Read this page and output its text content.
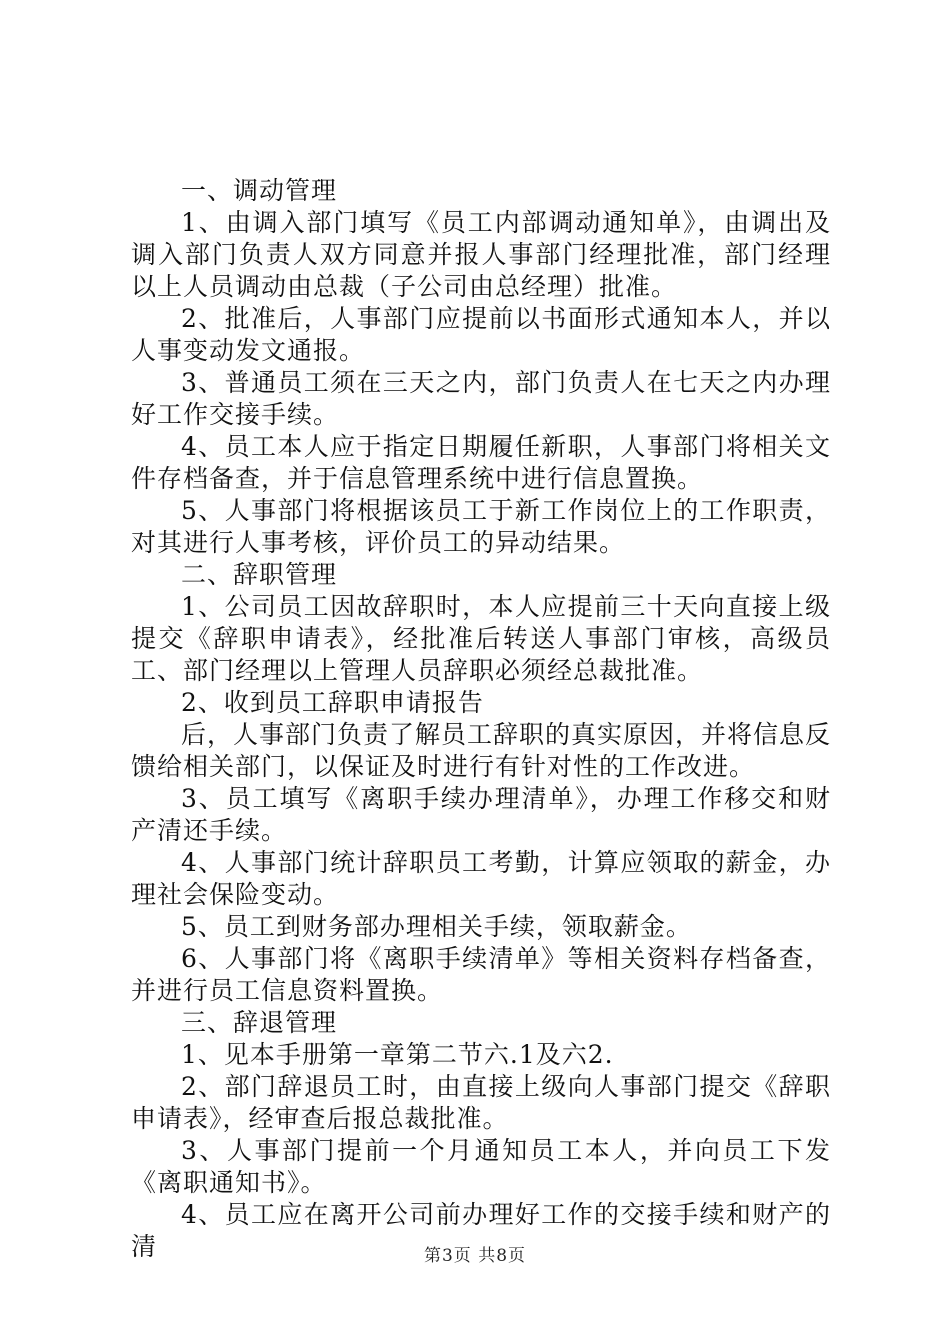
一、调动管理

1、由调入部门填写《员工内部调动通知单》，由调出及调入部门负责人双方同意并报人事部门经理批准，部门经理以上人员调动由总裁（子公司由总经理）批准。

2、批准后，人事部门应提前以书面形式通知本人，并以人事变动发文通报。

3、普通员工须在三天之内，部门负责人在七天之内办理好工作交接手续。

4、员工本人应于指定日期履任新职，人事部门将相关文件存档备查，并于信息管理系统中进行信息置换。

5、人事部门将根据该员工于新工作岗位上的工作职责，对其进行人事考核，评价员工的异动结果。

二、辞职管理

1、公司员工因故辞职时，本人应提前三十天向直接上级提交《辞职申请表》，经批准后转送人事部门审核，高级员工、部门经理以上管理人员辞职必须经总裁批准。

2、收到员工辞职申请报告

后，人事部门负责了解员工辞职的真实原因，并将信息反馈给相关部门，以保证及时进行有针对性的工作改进。

3、员工填写《离职手续办理清单》，办理工作移交和财产清还手续。

4、人事部门统计辞职员工考勤，计算应领取的薪金，办理社会保险变动。

5、员工到财务部办理相关手续，领取薪金。

6、人事部门将《离职手续清单》等相关资料存档备查，并进行员工信息资料置换。

三、辞退管理

1、见本手册第一章第二节六.1及六2.

2、部门辞退员工时，由直接上级向人事部门提交《辞职申请表》，经审查后报总裁批准。

3、人事部门提前一个月通知员工本人，并向员工下发《离职通知书》。

4、员工应在离开公司前办理好工作的交接手续和财产的清	第3页 共8页
